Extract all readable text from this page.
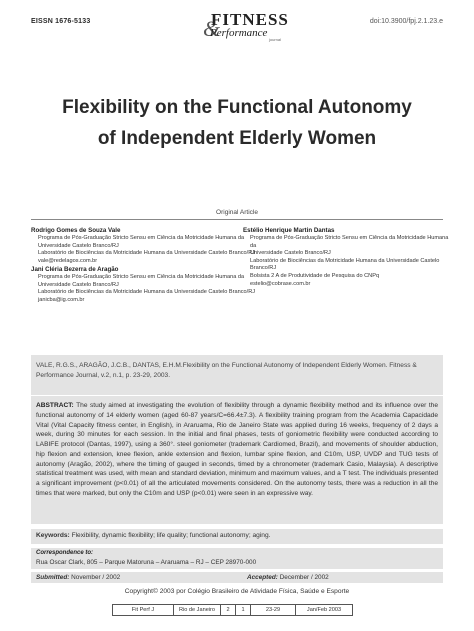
EISSN 1676-5133	&
FITNESS
Performance
journal
doi:10.3900/fpj.2.1.23.e
Flexibility on the Functional Autonomy
of Independent Elderly Women
Original Article
Rodrigo Gomes de Souza Vale
Programa de Pós-Graduação Stricto Sensu em Ciência da Motricidade Humana da
Universidade Castelo Branco/RJ
Laboratório de Biociências da Motricidade Humana da Universidade Castelo Branco/RJ
vale@redelagos.com.br
Jani Cléria Bezerra de Aragão
Programa de Pós-Graduação Stricto Sensu em Ciência da Motricidade Humana da
Universidade Castelo Branco/RJ
Laboratório de Biociências da Motricidade Humana da Universidade Castelo Branco/RJ
janicba@ig.com.br
Estélio Henrique Martin Dantas
Programa de Pós-Graduação Stricto Sensu em Ciência da Motricidade Humana da
Universidade Castelo Branco/RJ
Laboratório de Biociências da Motricidade Humana da Universidade Castelo Branco/RJ
Bolsista 2 A de Produtividade de Pesquisa do CNPq
estelio@cobrase.com.br
VALE, R.G.S., ARAGÃO, J.C.B., DANTAS, E.H.M.Flexibility on the Functional Autonomy of Independent Elderly Women. Fitness &
Performance Journal, v.2, n.1, p. 23-29, 2003.
ABSTRACT: The study aimed at investigating the evolution of flexibility through a dynamic flexibility method and its influence over the functional autonomy of 14 elderly women (aged 60-87 years/C=66.4±7.3). A flexibility training program from the Academia Capacidade Vital (Vital Capacity fitness center, in English), in Araruama, Rio de Janeiro State was applied during 16 weeks, frequency of 2 days a week, during 30 minutes for each session. In the initial and final phases, tests of goniometric flexibility were conducted according to LABIFE protocol (Dantas, 1997), using a 360°. steel goniometer (trademark Cardiomed, Brazil), and movements of shoulder abduction, hip flexion and extension, knee flexion, ankle extension and flexion, lumbar spine flexion, and C10m, USP, UVDP and TUG tests of autonomy (Aragão, 2002), where the timing of gauged in seconds, timed by a chronometer (trademark Casio, Malaysia). A descriptive statistical treatment was used, with mean and standard deviation, minimum and maximum values, and a T test. The individuals presented a significant improvement (p<0.01) of all the articulated movements considered. On the autonomy tests, there was a reduction in all the times that were marked, but only the C10m and USP (p<0.01) were seen in an expressive way.
Keywords: Flexibility, dynamic flexibility; life quality; functional autonomy; aging.
Correspondence to:
Rua Oscar Clark, 805 – Parque Matoruna – Araruama – RJ – CEP 28970-000
Submitted: November / 2002	Accepted: December / 2002
Copyright© 2003 por Colégio Brasileiro de Atividade Física, Saúde e Esporte
Fit Perf J	Rio de Janeiro	2	1	23-29	Jan/Feb 2003
